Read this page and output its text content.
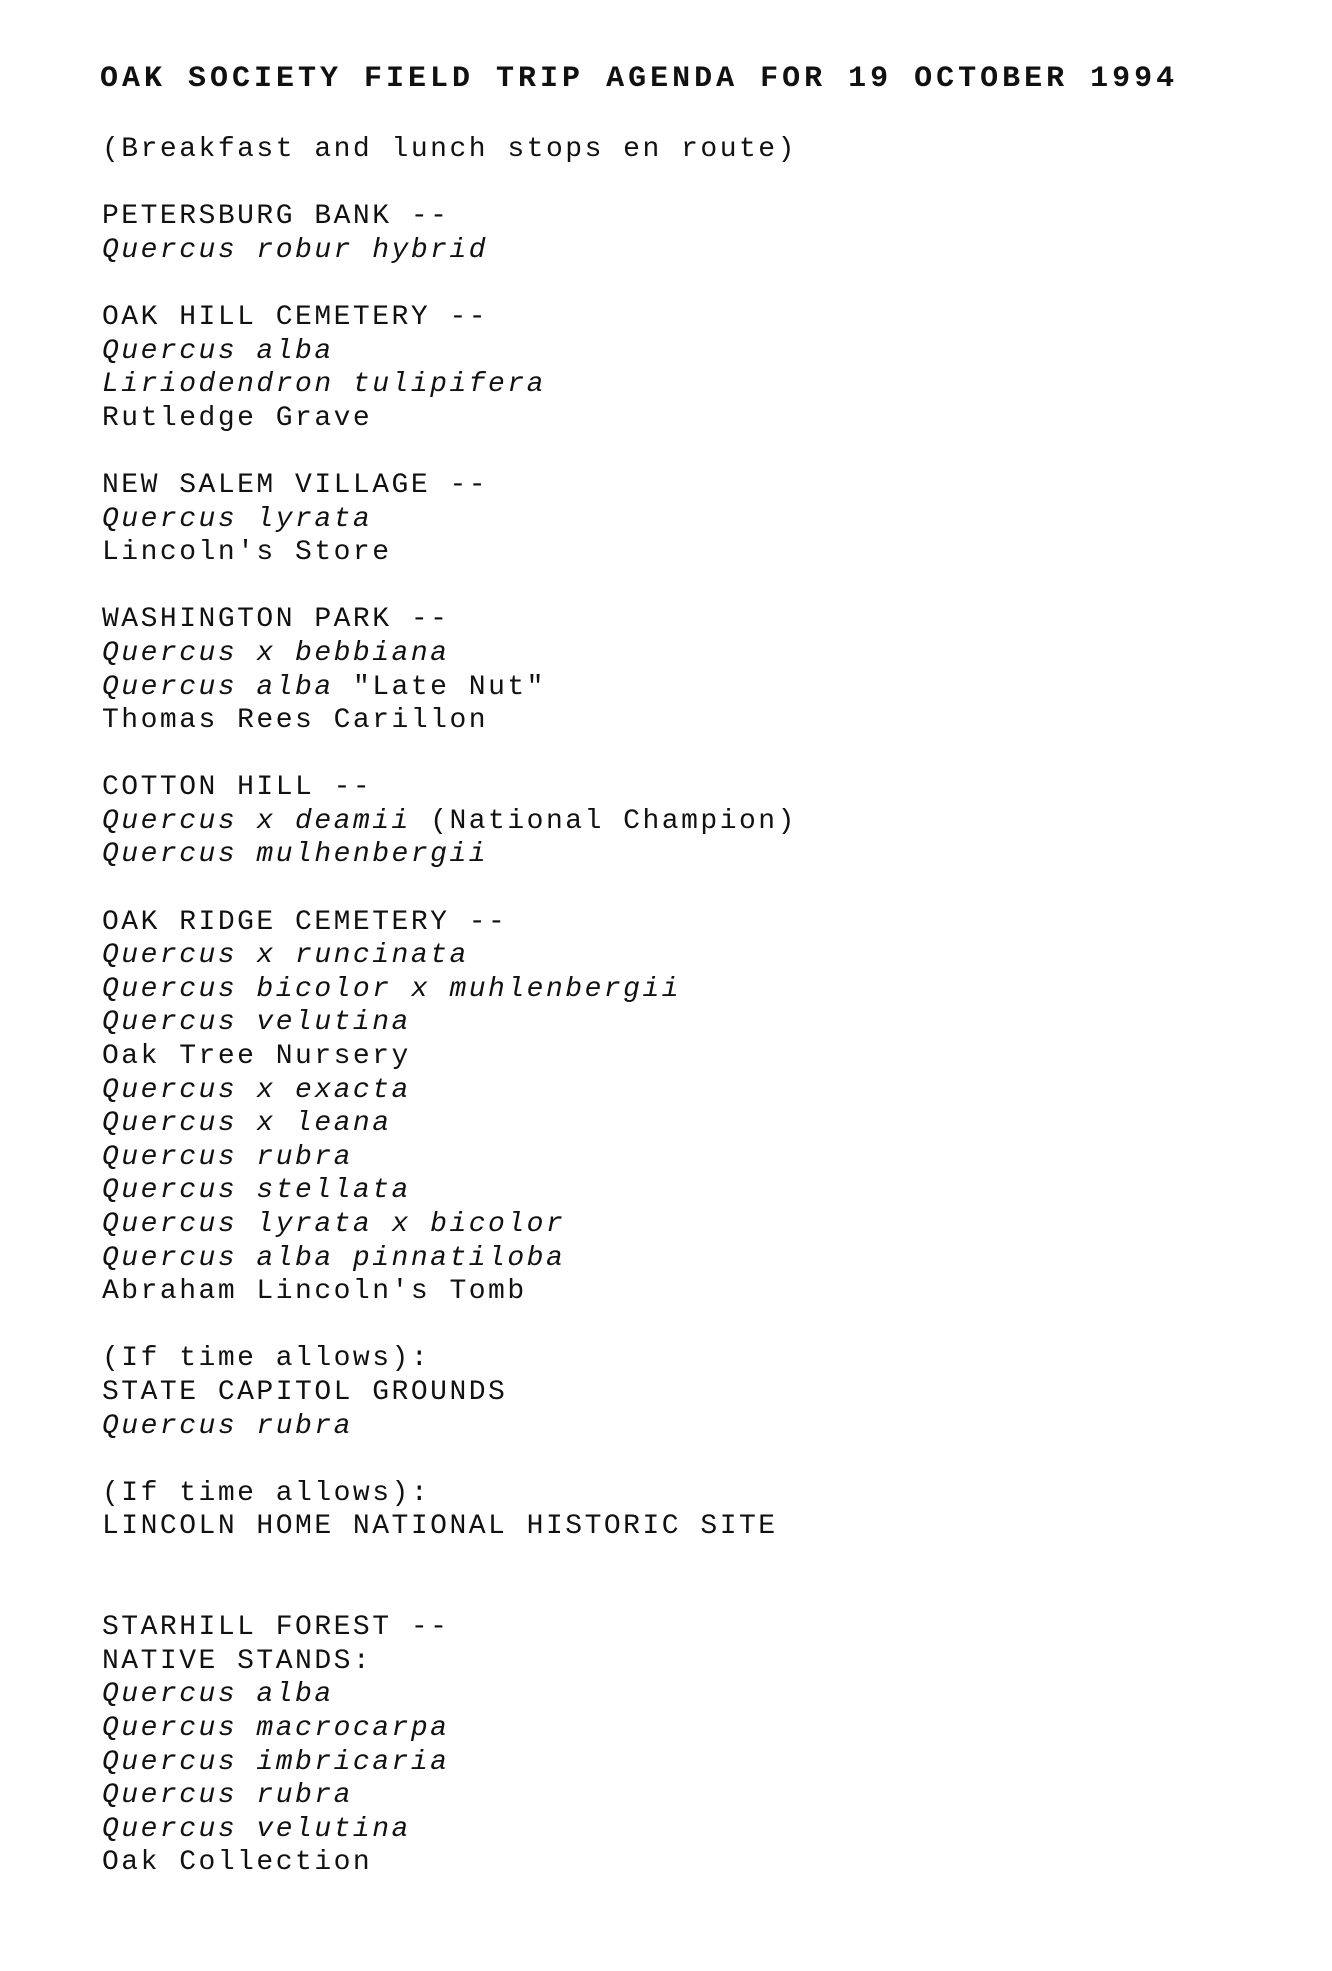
OAK SOCIETY FIELD TRIP AGENDA FOR 19 OCTOBER 1994
(Breakfast and lunch stops en route)
PETERSBURG BANK --
Quercus robur hybrid
OAK HILL CEMETERY --
Quercus alba
Liriodendron tulipifera
Rutledge Grave
NEW SALEM VILLAGE --
Quercus lyrata
Lincoln's Store
WASHINGTON PARK --
Quercus x bebbiana
Quercus alba "Late Nut"
Thomas Rees Carillon
COTTON HILL --
Quercus x deamii (National Champion)
Quercus mulhenbergii
OAK RIDGE CEMETERY --
Quercus x runcinata
Quercus bicolor x muhlenbergii
Quercus velutina
Oak Tree Nursery
Quercus x exacta
Quercus x leana
Quercus rubra
Quercus stellata
Quercus lyrata x bicolor
Quercus alba pinnatiloba
Abraham Lincoln's Tomb
(If time allows):
STATE CAPITOL GROUNDS
Quercus rubra
(If time allows):
LINCOLN HOME NATIONAL HISTORIC SITE
STARHILL FOREST --
NATIVE STANDS:
Quercus alba
Quercus macrocarpa
Quercus imbricaria
Quercus rubra
Quercus velutina
Oak Collection
